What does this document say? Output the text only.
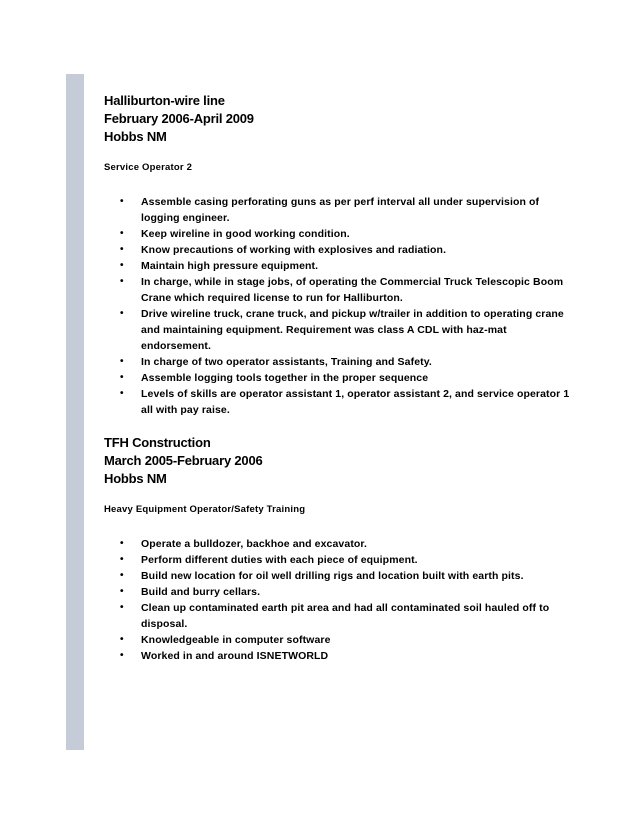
Halliburton-wire line
February 2006-April 2009
Hobbs NM
Service Operator 2
• Assemble casing perforating guns as per perf interval all under supervision of logging engineer.
• Keep wireline in good working condition.
• Know precautions of working with explosives and radiation.
• Maintain high pressure equipment.
• In charge, while in stage jobs, of operating the Commercial Truck Telescopic Boom Crane which required license to run for Halliburton.
• Drive wireline truck, crane truck, and pickup w/trailer in addition to operating crane and maintaining equipment. Requirement was class A CDL with haz-mat endorsement.
• In charge of two operator assistants, Training and Safety.
• Assemble logging tools together in the proper sequence
• Levels of skills are operator assistant 1, operator assistant 2, and service operator 1 all with pay raise.
TFH Construction
March 2005-February 2006
Hobbs NM
Heavy Equipment Operator/Safety Training
• Operate a bulldozer, backhoe and excavator.
• Perform different duties with each piece of equipment.
• Build new location for oil well drilling rigs and location built with earth pits.
• Build and burry cellars.
• Clean up contaminated earth pit area and had all contaminated soil hauled off to disposal.
• Knowledgeable in computer software
• Worked in and around ISNETWORLD
